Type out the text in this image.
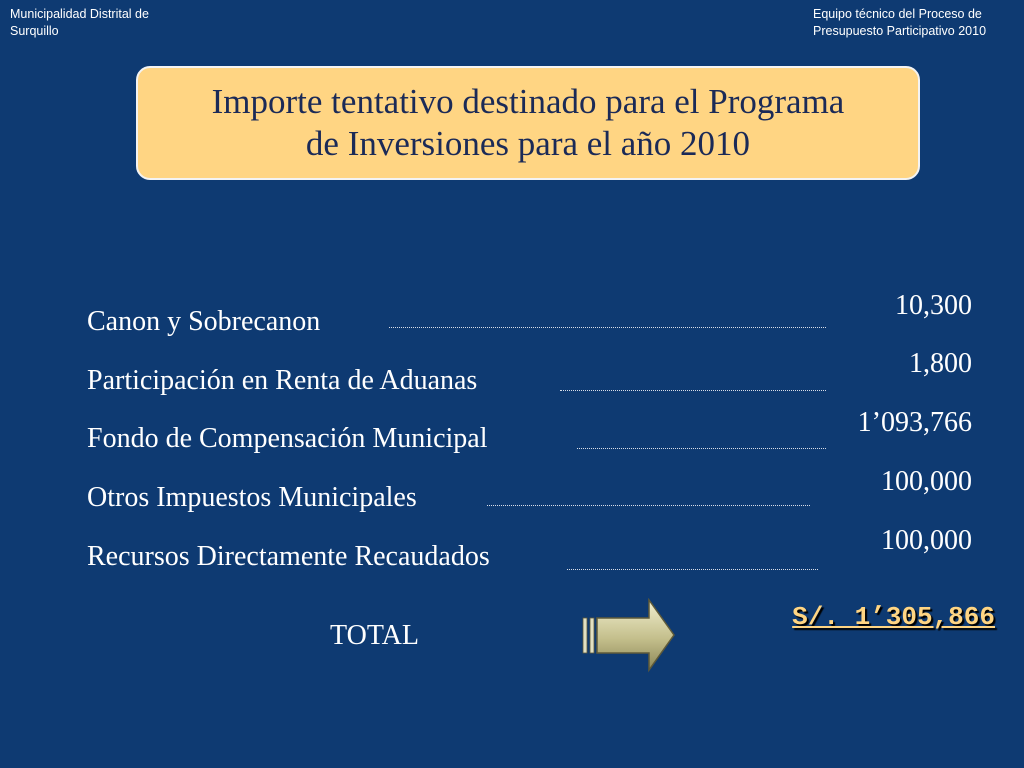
Municipalidad Distrital de
Surquillo
Equipo técnico del Proceso de
Presupuesto Participativo 2010
Importe tentativo destinado para el Programa
de Inversiones para el año 2010
Canon y Sobrecanon
10,300
Participación en Renta de Aduanas
1,800
Fondo de Compensación Municipal
1’093,766
Otros Impuestos Municipales
100,000
Recursos Directamente Recaudados
100,000
TOTAL
S/. 1’305,866
